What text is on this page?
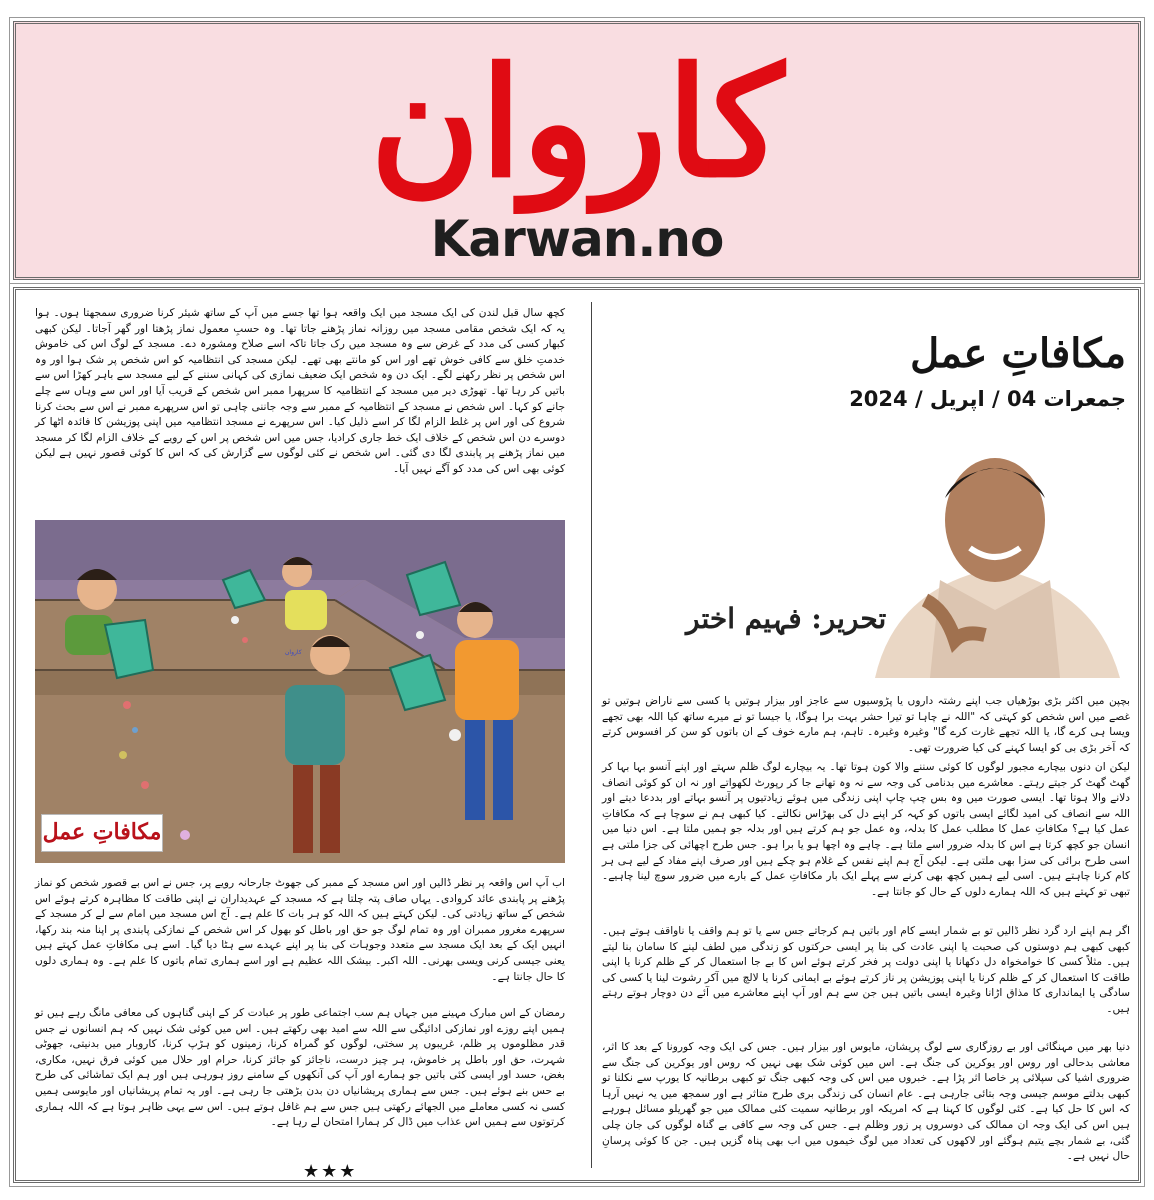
کاروان
Karwan.no
کچھ سال قبل لندن کی ایک مسجد میں ایک واقعہ ہوا تھا جسے میں آپ کے ساتھ شیئر کرنا ضروری سمجھتا ہوں۔ ہوا یہ کہ ایک شخص مقامی مسجد میں روزانہ نماز پڑھنے جاتا تھا۔ وہ حسبِ معمول نماز پڑھتا اور گھر آجاتا۔ لیکن کبھی کبھار کسی کی مدد کے غرض سے وہ مسجد میں رک جاتا تاکہ اسے صلاح ومشورہ دے۔ مسجد کے لوگ اس کی خاموش خدمتِ خلق سے کافی خوش تھے اور اس کو مانتے بھی تھے۔ لیکن مسجد کی انتظامیہ کو اس شخص پر شک ہوا اور وہ اس شخص پر نظر رکھنے لگے۔ ایک دن وہ شخص ایک ضعیف نمازی کی کہانی سننے کے لیے مسجد سے باہر کھڑا اس سے باتیں کر رہا تھا۔ تھوڑی دیر میں مسجد کے انتظامیہ کا سرپھرا ممبر اس شخص کے قریب آیا اور اس سے وہاں سے چلے جانے کو کہا۔ اس شخص نے مسجد کے انتظامیہ کے ممبر سے وجہ جاننی چاہی تو اس سرپھرے ممبر نے اس سے بحث کرنا شروع کی اور اس پر غلط الزام لگا کر اسے ذلیل کیا۔ اس سرپھرے نے مسجد انتظامیہ میں اپنی پوزیشن کا فائدہ اٹھا کر دوسرے دن اس شخص کے خلاف ایک خط جاری کرادیا، جس میں اس شخص پر اس کے رویے کے خلاف الزام لگا کر مسجد میں نماز پڑھنے پر پابندی لگا دی گئی۔ اس شخص نے کئی لوگوں سے گزارش کی کہ اس کا کوئی قصور نہیں ہے لیکن کوئی بھی اس کی مدد کو آگے نہیں آیا۔
کاروان
مکافاتِ عمل
اب آپ اس واقعہ پر نظر ڈالیں اور اس مسجد کے ممبر کی جھوٹ جارحانہ رویے پر، جس نے اس بے قصور شخص کو نماز پڑھنے پر پابندی عائد کروادی۔ یہاں صاف پتہ چلتا ہے کہ مسجد کے عہدیداران نے اپنی طاقت کا مظاہرہ کرتے ہوئے اس شخص کے ساتھ زیادتی کی۔ لیکن کہتے ہیں کہ اللہ کو ہر بات کا علم ہے۔ آج اس مسجد میں امام سے لے کر مسجد کے سرپھرے مغرور ممبران اور وہ تمام لوگ جو حق اور باطل کو بھول کر اس شخص کے نمازکی پابندی پر اپنا منہ بند رکھا، انہیں ایک کے بعد ایک مسجد سے متعدد وجوہات کی بنا پر اپنے عہدے سے ہٹا دیا گیا۔ اسے ہی مکافاتِ عمل کہتے ہیں یعنی جیسی کرنی ویسی بھرنی۔ اللہ اکبر۔ بیشک اللہ عظیم ہے اور اسے ہماری تمام باتوں کا علم ہے۔ وہ ہماری دلوں کا حال جانتا ہے۔
رمضان کے اس مبارک مہینے میں جہاں ہم سب اجتماعی طور پر عبادت کر کے اپنی گناہوں کی معافی مانگ رہے ہیں تو ہمیں اپنے روزے اور نمازکی ادائیگی سے اللہ سے امید بھی رکھتے ہیں۔ اس میں کوئی شک نہیں کہ ہم انسانوں نے جس قدر مظلوموں پر ظلم، غریبوں پر سختی، لوگوں کو گمراہ کرنا، زمینوں کو ہڑپ کرنا، کاروبار میں بدنیتی، جھوٹی شہرت، حق اور باطل پر خاموش، ہر چیز درست، ناجائز کو جائز کرنا، حرام اور حلال میں کوئی فرق نہیں، مکاری، بغض، حسد اور ایسی کئی باتیں جو ہمارے اور آپ کی آنکھوں کے سامنے روز ہورہی ہیں اور ہم ایک تماشائی کی طرح بے حس بنے ہوئے ہیں۔ جس سے ہماری پریشانیاں دن بدن بڑھتی جا رہی ہے۔ اور یہ تمام پریشانیاں اور مایوسی ہمیں کسی نہ کسی معاملے میں الجھائے رکھتی ہیں جس سے ہم غافل ہوتے ہیں۔ اس سے یہی ظاہر ہوتا ہے کہ اللہ ہماری کرتوتوں سے ہمیں اس عذاب میں ڈال کر ہمارا امتحان لے رہا ہے۔
★★★
مکافاتِ عمل
جمعرات 04 / اپریل / 2024
تحریر: فہیم اختر
بچپن میں اکثر بڑی بوڑھیاں جب اپنے رشتہ داروں یا پڑوسیوں سے عاجز اور بیزار ہوتیں یا کسی سے ناراض ہوتیں تو غصے میں اس شخص کو کہتی کہ "اللہ نے چاہا تو تیرا حشر بہت برا ہوگا، یا جیسا تو نے میرے ساتھ کیا اللہ بھی تجھے ویسا ہی کرے گا، یا اللہ تجھے غارت کرے گا" وغیرہ وغیرہ۔ تاہم، ہم مارے خوف کے ان باتوں کو سن کر افسوس کرتے کہ آخر بڑی بی کو ایسا کہنے کی کیا ضرورت تھی۔
لیکن ان دنوں بیچارے مجبور لوگوں کا کوئی سننے والا کون ہوتا تھا۔ یہ بیچارے لوگ ظلم سہتے اور اپنے آنسو بہا بہا کر گھٹ گھٹ کر جیتے رہتے۔ معاشرے میں بدنامی کی وجہ سے نہ وہ تھانے جا کر رپورٹ لکھواتے اور نہ ان کو کوئی انصاف دلانے والا ہوتا تھا۔ ایسی صورت میں وہ بس چپ چاپ اپنی زندگی میں ہوئے زیادتیوں پر آنسو بہاتے اور بددعا دیتے اور اللہ سے انصاف کی امید لگائے ایسی باتوں کو کہہ کر اپنے دل کی بھڑاس نکالتے۔ کیا کبھی ہم نے سوچا ہے کہ مکافاتِ عمل کیا ہے؟ مکافاتِ عمل کا مطلب عمل کا بدلہ، وہ عمل جو ہم کرتے ہیں اور بدلہ جو ہمیں ملتا ہے۔ اس دنیا میں انسان جو کچھ کرتا ہے اس کا بدلہ ضرور اسے ملتا ہے۔ چاہے وہ اچھا ہو یا برا ہو۔ جس طرح اچھائی کی جزا ملتی ہے اسی طرح برائی کی سزا بھی ملتی ہے۔ لیکن آج ہم اپنے نفس کے غلام ہو چکے ہیں اور صرف اپنے مفاد کے لیے ہی ہر کام کرنا چاہتے ہیں۔ اسی لیے ہمیں کچھ بھی کرنے سے پہلے ایک بار مکافاتِ عمل کے بارے میں ضرور سوچ لینا چاہیے۔ تبھی تو کہتے ہیں کہ اللہ ہمارے دلوں کے حال کو جانتا ہے۔
اگر ہم اپنے ارد گرد نظر ڈالیں تو بے شمار ایسے کام اور باتیں ہم کرجاتے جس سے یا تو ہم واقف یا ناواقف ہوتے ہیں۔ کبھی کبھی ہم دوستوں کی صحبت یا اپنی عادت کی بنا پر ایسی حرکتوں کو زندگی میں لطف لینے کا سامان بنا لیتے ہیں۔ مثلاً کسی کا خوامخواہ دل دکھانا یا اپنی دولت پر فخر کرتے ہوئے اس کا بے جا استعمال کر کے ظلم کرنا یا اپنی طاقت کا استعمال کر کے ظلم کرنا یا اپنی پوزیشن پر ناز کرتے ہوئے بے ایمانی کرنا یا لالچ میں آکر رشوت لینا یا کسی کی سادگی یا ایمانداری کا مذاق اڑانا وغیرہ ایسی باتیں ہیں جن سے ہم اور آپ اپنے معاشرے میں آئے دن دوچار ہوتے رہتے ہیں۔
دنیا بھر میں مہنگائی اور بے روزگاری سے لوگ پریشان، مایوس اور بیزار ہیں۔ جس کی ایک وجہ کورونا کے بعد کا اثر، معاشی بدحالی اور روس اور یوکرین کی جنگ ہے۔ اس میں کوئی شک بھی نہیں کہ روس اور یوکرین کی جنگ سے ضروری اشیا کی سپلائی پر خاصا اثر پڑا ہے۔ خبروں میں اس کی وجہ کبھی جنگ تو کبھی برطانیہ کا یورپ سے نکلنا تو کبھی بدلتے موسم جیسی وجہ بتائی جارہی ہے۔ عام انسان کی زندگی بری طرح متاثر ہے اور سمجھ میں یہ نہیں آرہا کہ اس کا حل کیا ہے۔ کئی لوگوں کا کہنا ہے کہ امریکہ اور برطانیہ سمیت کئی ممالک میں جو گھریلو مسائل ہورہے ہیں اس کی ایک وجہ ان ممالک کی دوسروں پر زور وظلم ہے۔ جس کی وجہ سے کافی بے گناہ لوگوں کی جان چلی گئی، بے شمار بچے یتیم ہوگئے اور لاکھوں کی تعداد میں لوگ خیموں میں اب بھی پناہ گزیں ہیں۔ جن کا کوئی پرسانِ حال نہیں ہے۔
